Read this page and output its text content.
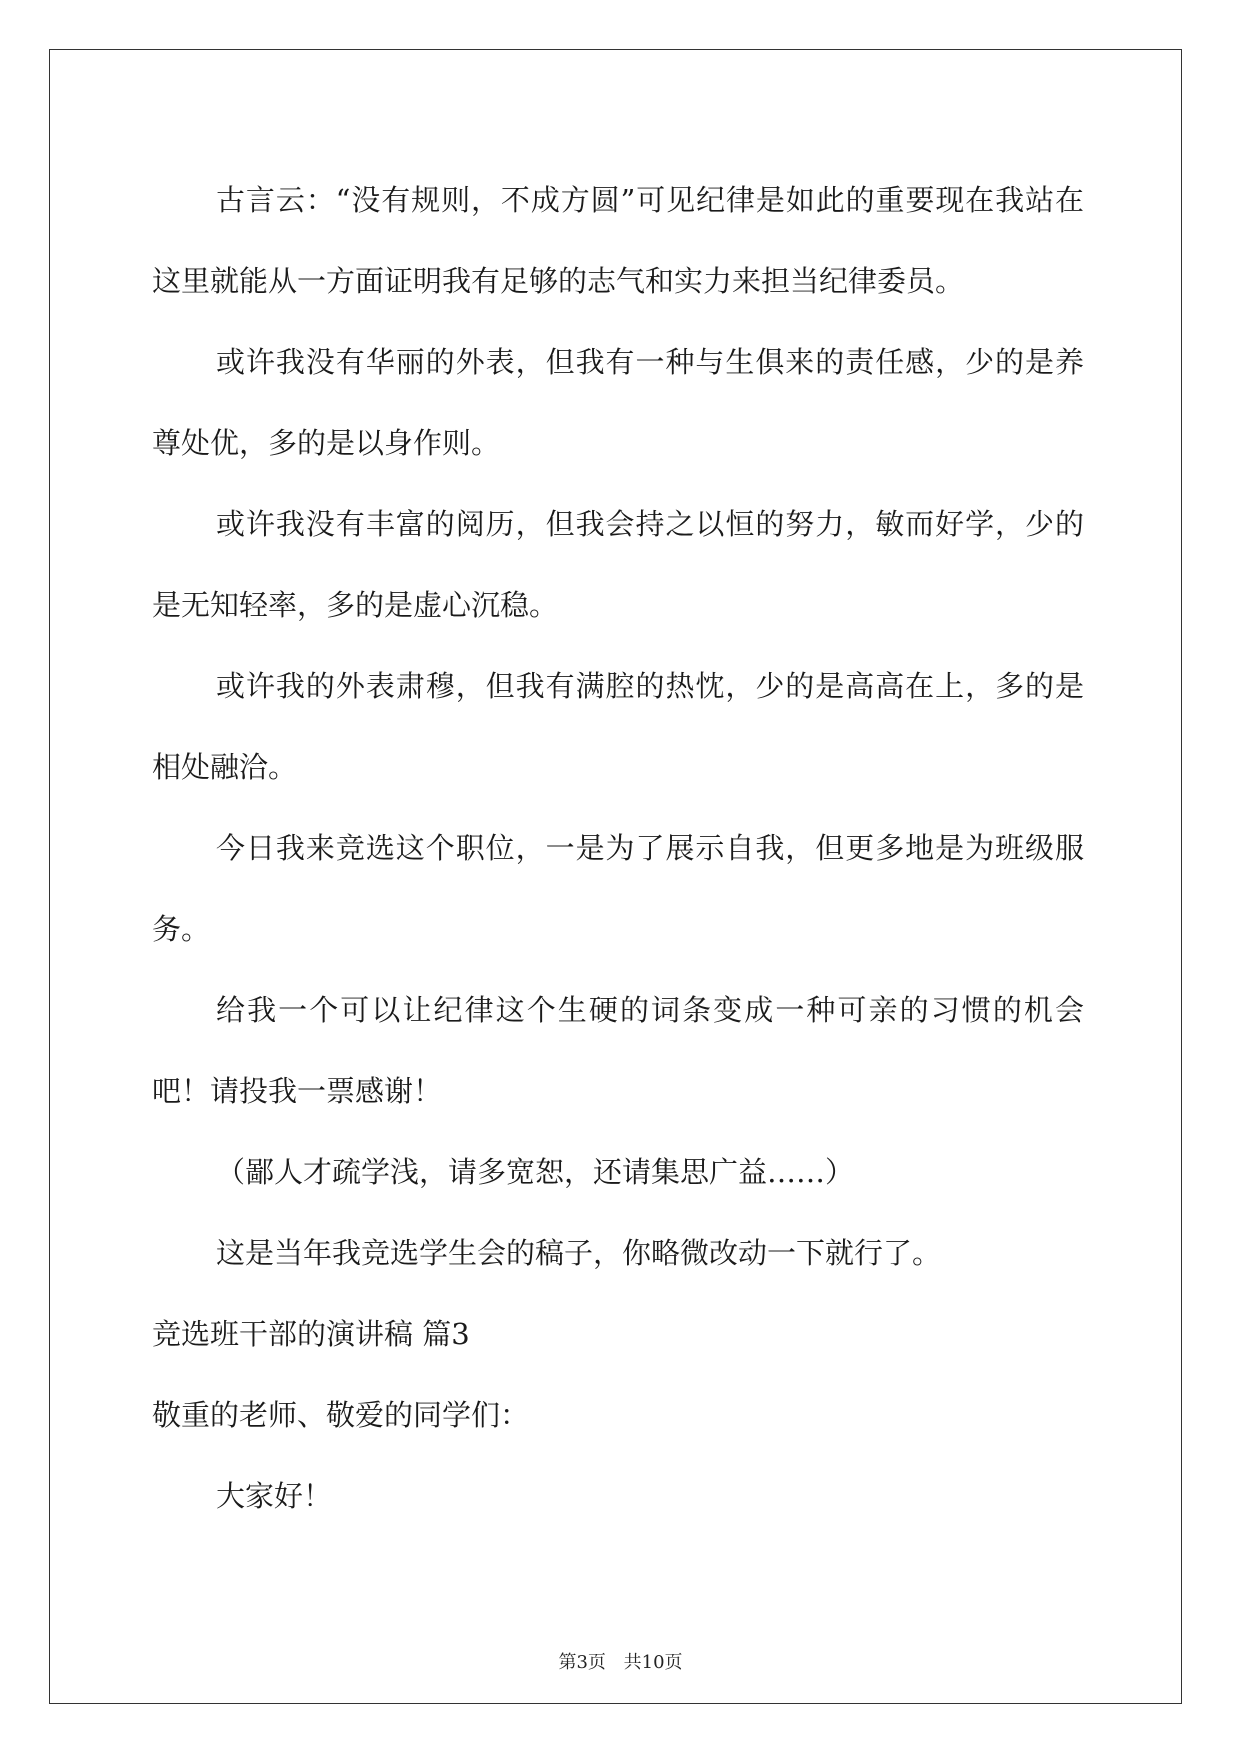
古言云：“没有规则，不成方圆”可见纪律是如此的重要现在我站在这里就能从一方面证明我有足够的志气和实力来担当纪律委员。

或许我没有华丽的外表，但我有一种与生俱来的责任感，少的是养尊处优，多的是以身作则。

或许我没有丰富的阅历，但我会持之以恒的努力，敏而好学，少的是无知轻率，多的是虚心沉稳。

或许我的外表肃穆，但我有满腔的热忱，少的是高高在上，多的是相处融洽。

今日我来竞选这个职位，一是为了展示自我，但更多地是为班级服务。

给我一个可以让纪律这个生硬的词条变成一种可亲的习惯的机会吧！请投我一票感谢！

（鄙人才疏学浅，请多宽恕，还请集思广益……）

这是当年我竞选学生会的稿子，你略微改动一下就行了。

竞选班干部的演讲稿 篇3

敬重的老师、敬爱的同学们：

大家好！

第3页 共10页
